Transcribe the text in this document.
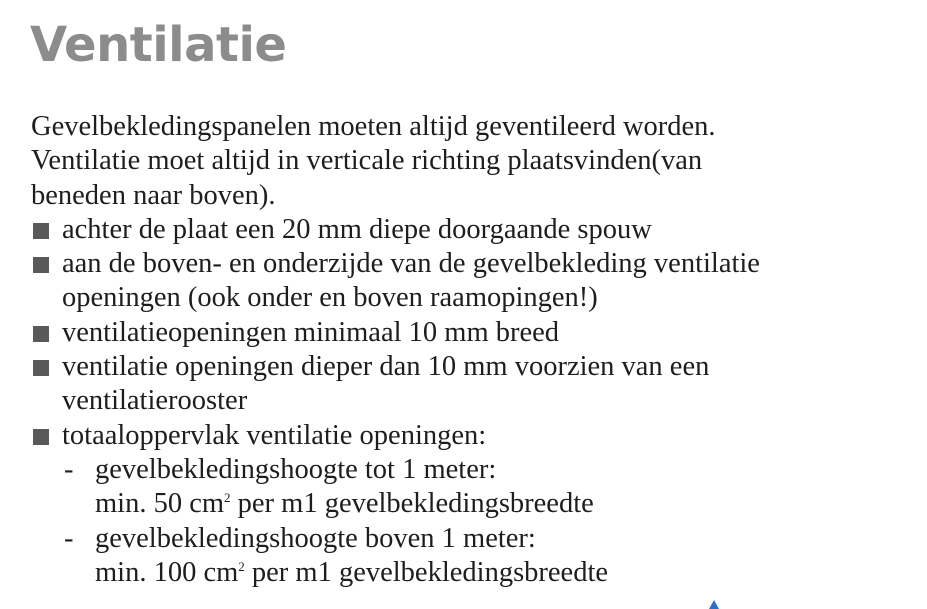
Ventilatie

Gevelbekledingspanelen moeten altijd geventileerd worden.

Ventilatie moet altijd in verticale richting plaatsvinden(van

beneden naar boven).

achter de plaat een 20 mm diepe doorgaande spouw
aan de boven- en onderzijde van de gevelbekleding ventilatie
openingen (ook onder en boven raamopingen!)
ventilatieopeningen minimaal 10 mm breed
ventilatie openingen dieper dan 10 mm voorzien van een
ventilatierooster
totaaloppervlak ventilatie openingen:
- gevelbekledingshoogte tot 1 meter:
min. 50 $cm^2$ per m1 gevelbekledingsbreedte
- gevelbekledingshoogte boven 1 meter:
min. 100 $cm^2$ per m1 gevelbekledingsbreedte
